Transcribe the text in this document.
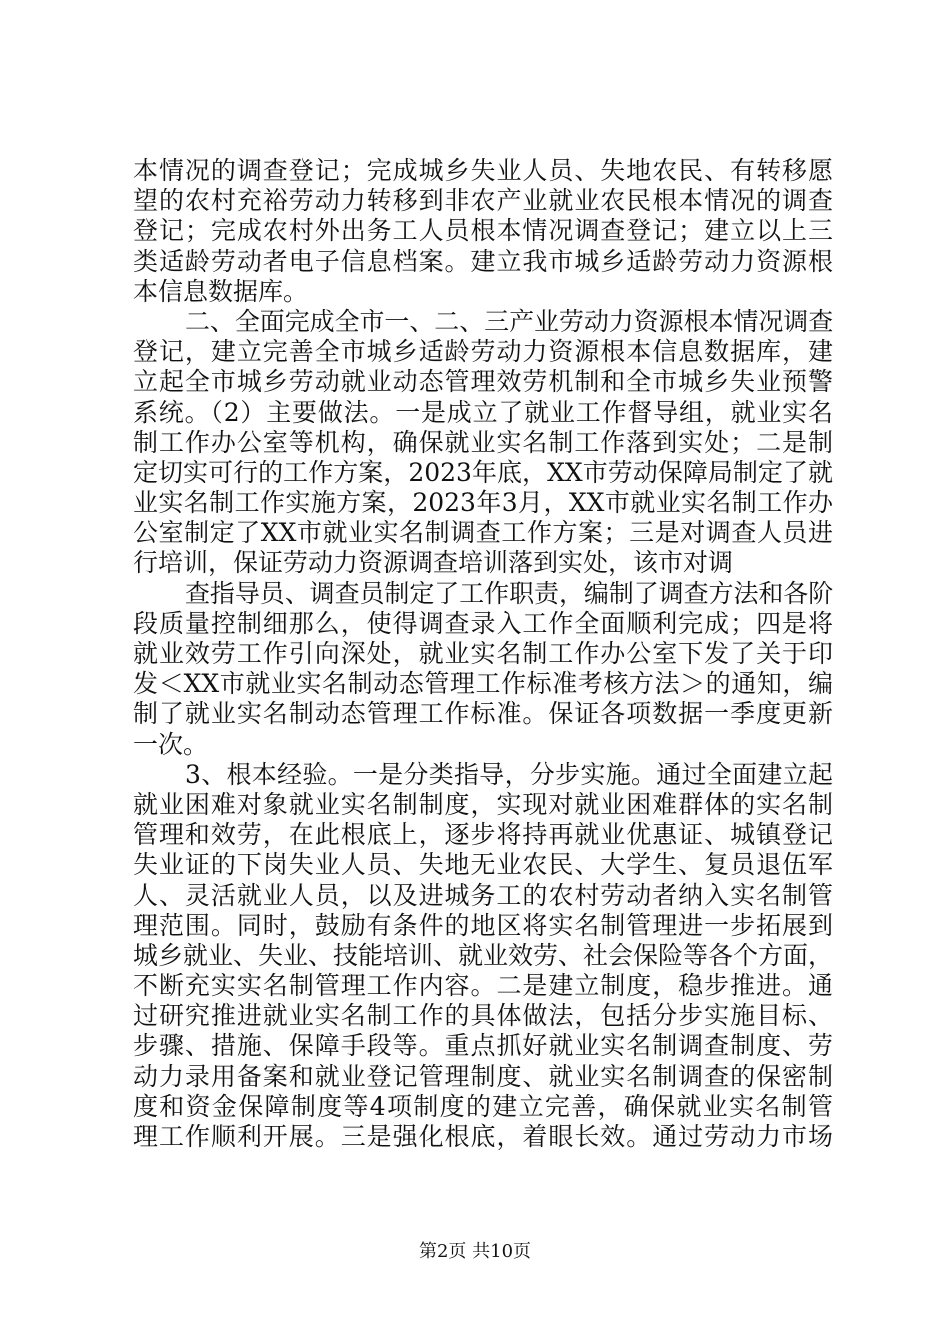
本情况的调查登记；完成城乡失业人员、失地农民、有转移愿
望的农村充裕劳动力转移到非农产业就业农民根本情况的调查
登记；完成农村外出务工人员根本情况调查登记；建立以上三
类适龄劳动者电子信息档案。建立我市城乡适龄劳动力资源根
本信息数据库。
二、全面完成全市一、二、三产业劳动力资源根本情况调查
登记，建立完善全市城乡适龄劳动力资源根本信息数据库，建
立起全市城乡劳动就业动态管理效劳机制和全市城乡失业预警
系统。（2）主要做法。一是成立了就业工作督导组，就业实名
制工作办公室等机构，确保就业实名制工作落到实处；二是制
定切实可行的工作方案，2023年底，XX市劳动保障局制定了就
业实名制工作实施方案，2023年3月，XX市就业实名制工作办
公室制定了XX市就业实名制调查工作方案；三是对调查人员进
行培训，保证劳动力资源调查培训落到实处，该市对调
查指导员、调查员制定了工作职责，编制了调查方法和各阶
段质量控制细那么，使得调查录入工作全面顺利完成；四是将
就业效劳工作引向深处，就业实名制工作办公室下发了关于印
发＜XX市就业实名制动态管理工作标准考核方法＞的通知，编
制了就业实名制动态管理工作标准。保证各项数据一季度更新
一次。
3、根本经验。一是分类指导，分步实施。通过全面建立起
就业困难对象就业实名制制度，实现对就业困难群体的实名制
管理和效劳，在此根底上，逐步将持再就业优惠证、城镇登记
失业证的下岗失业人员、失地无业农民、大学生、复员退伍军
人、灵活就业人员，以及进城务工的农村劳动者纳入实名制管
理范围。同时，鼓励有条件的地区将实名制管理进一步拓展到
城乡就业、失业、技能培训、就业效劳、社会保险等各个方面，
不断充实实名制管理工作内容。二是建立制度，稳步推进。通
过研究推进就业实名制工作的具体做法，包括分步实施目标、
步骤、措施、保障手段等。重点抓好就业实名制调查制度、劳
动力录用备案和就业登记管理制度、就业实名制调查的保密制
度和资金保障制度等4项制度的建立完善，确保就业实名制管
理工作顺利开展。三是强化根底，着眼长效。通过劳动力市场
第2页 共10页
